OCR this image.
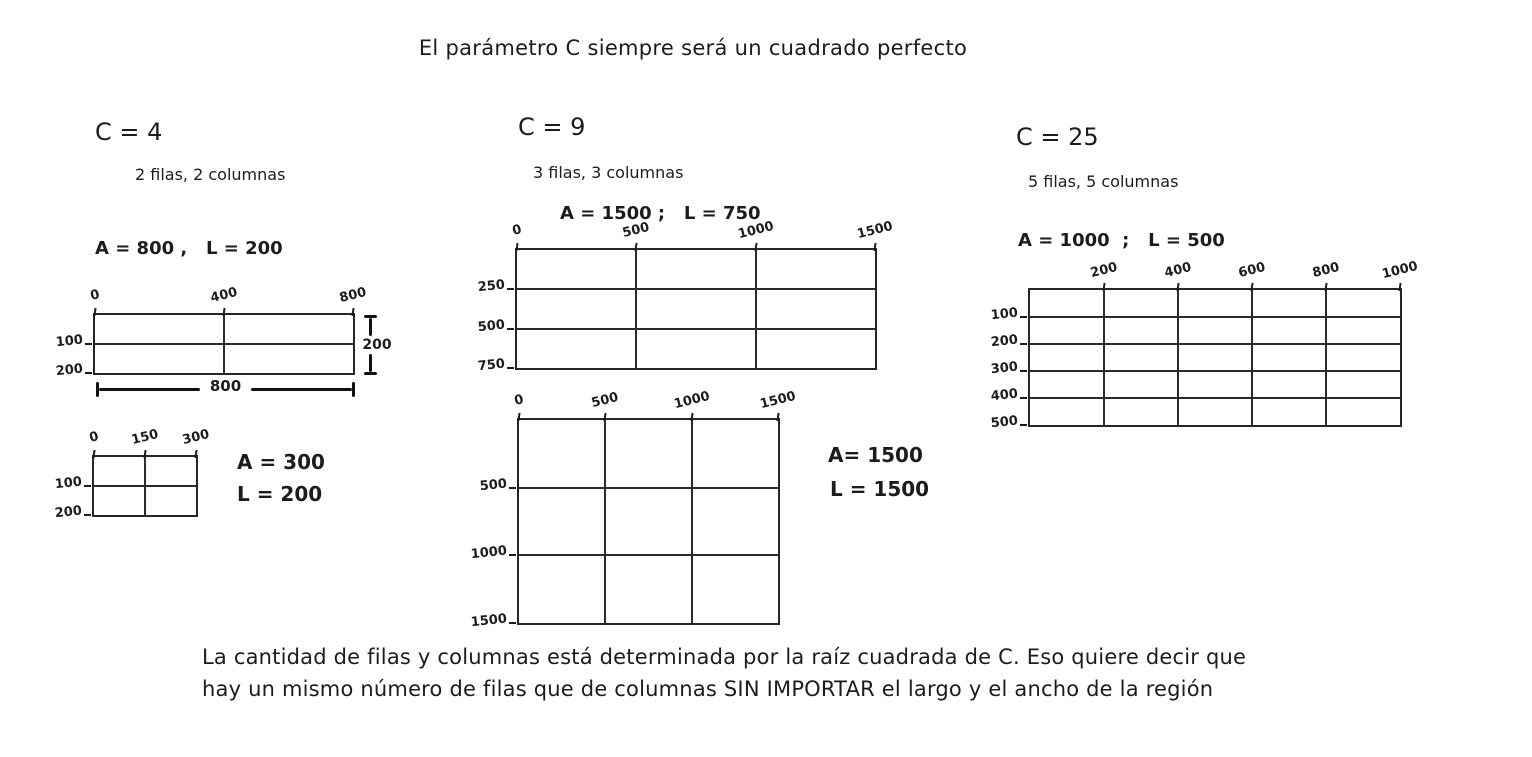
El parámetro C siempre será un cuadrado perfecto
C = 4
2 filas, 2 columnas
A = 800 ,   L = 200
0	400	800
100
200
200
800
0	150	300
100
200
A = 300
L = 200
C = 9
3 filas, 3 columnas
A = 1500 ;   L = 750
0	500	1000	1500
250
500
750
0	500	1000	1500
500
1000
1500
A= 1500
L = 1500
C = 25
5 filas, 5 columnas
A = 1000  ;   L = 500
200	400	600	800	1000
100
200
300
400
500
La cantidad de filas y columnas está determinada por la raíz cuadrada de C. Eso quiere decir que
hay un mismo número de filas que de columnas SIN IMPORTAR el largo y el ancho de la región
